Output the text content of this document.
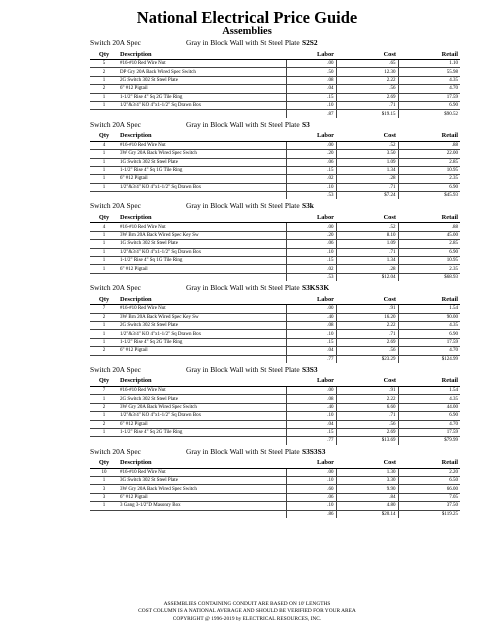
National Electrical Price Guide
Assemblies
Switch 20A Spec	Gray in Block Wall with St Steel Plate S2S2
Qty	Description	Labor	Cost	Retail
5	#16-#10 Red Wire Nut	.00	.65	1.10
2	DP Gry 20A Back Wired Spec Switch	.50	12.30	55.98
1	2G Switch 302 St Steel Plate	.08	2.22	4.35
2	6" #12 Pigtail	.04	.56	4.70
1	1-1/2" Rise 4" Sq 2G Tile Ring	.15	2.69	17.59
1	1/2"&3/4" KO 4"x1-1/2" Sq Drawn Box	.10	.71	6.90
		.87	$19.15	$90.52
Switch 20A Spec	Gray in Block Wall with St Steel Plate S3
Qty	Description	Labor	Cost	Retail
4	#16-#10 Red Wire Nut	.00	.52	.88
1	3W Gry 20A Back Wired Spec Switch	.20	3.50	22.00
1	1G Switch 302 St Steel Plate	.06	1.09	2.85
1	1-1/2" Rise 4" Sq 1G Tile Ring	.15	1.34	10.95
1	6" #12 Pigtail	.02	.28	2.35
1	1/2"&3/4" KO 4"x1-1/2" Sq Drawn Box	.10	.71	6.90
		.53	$7.24	$45.93
Switch 20A Spec	Gray in Block Wall with St Steel Plate S3k
Qty	Description	Labor	Cost	Retail
4	#16-#10 Red Wire Nut	.00	.52	.88
1	3W Brn 20A Back Wired Spec Key Sw	.20	8.10	45.00
1	1G Switch 302 St Steel Plate	.06	1.09	2.85
1	1/2"&3/4" KO 4"x1-1/2" Sq Drawn Box	.10	.71	6.90
1	1-1/2" Rise 4" Sq 1G Tile Ring	.15	1.34	10.95
1	6" #12 Pigtail	.02	.28	2.35
		.53	$12.04	$68.93
Switch 20A Spec	Gray in Block Wall with St Steel Plate S3KS3K
Qty	Description	Labor	Cost	Retail
7	#16-#10 Red Wire Nut	.00	.91	1.54
2	3W Brn 20A Back Wired Spec Key Sw	.40	16.20	90.00
1	2G Switch 302 St Steel Plate	.08	2.22	4.35
1	1/2"&3/4" KO 4"x1-1/2" Sq Drawn Box	.10	.71	6.90
1	1-1/2" Rise 4" Sq 2G Tile Ring	.15	2.69	17.59
2	6" #12 Pigtail	.04	.56	4.70
		.77	$23.29	$124.99
Switch 20A Spec	Gray in Block Wall with St Steel Plate S3S3
Qty	Description	Labor	Cost	Retail
7	#16-#10 Red Wire Nut	.00	.91	1.54
1	2G Switch 302 St Steel Plate	.08	2.22	4.35
2	3W Gry 20A Back Wired Spec Switch	.40	6.60	44.00
1	1/2"&3/4" KO 4"x1-1/2" Sq Drawn Box	.10	.71	6.90
2	6" #12 Pigtail	.04	.56	4.70
1	1-1/2" Rise 4" Sq 2G Tile Ring	.15	2.69	17.59
		.77	$13.69	$79.99
Switch 20A Spec	Gray in Block Wall with St Steel Plate S3S3S3
Qty	Description	Labor	Cost	Retail
10	#16-#10 Red Wire Nut	.00	1.30	2.20
1	3G Switch 302 St Steel Plate	.10	3.30	6.50
3	3W Gry 20A Back Wired Spec Switch	.60	9.90	66.00
3	6" #12 Pigtail	.06	.84	7.05
1	3 Gang 3-1/2"D Masonry Box	.10	4.80	37.50
		.86	$20.14	$119.25
ASSEMBLIES CONTAINING CONDUIT ARE BASED ON 10' LENGTHS
COST COLUMN IS A NATIONAL AVERAGE AND SHOULD BE VERIFIED FOR YOUR AREA
COPYRIGHT @ 1996-2019 by ELECTRICAL RESOURCES, INC.
